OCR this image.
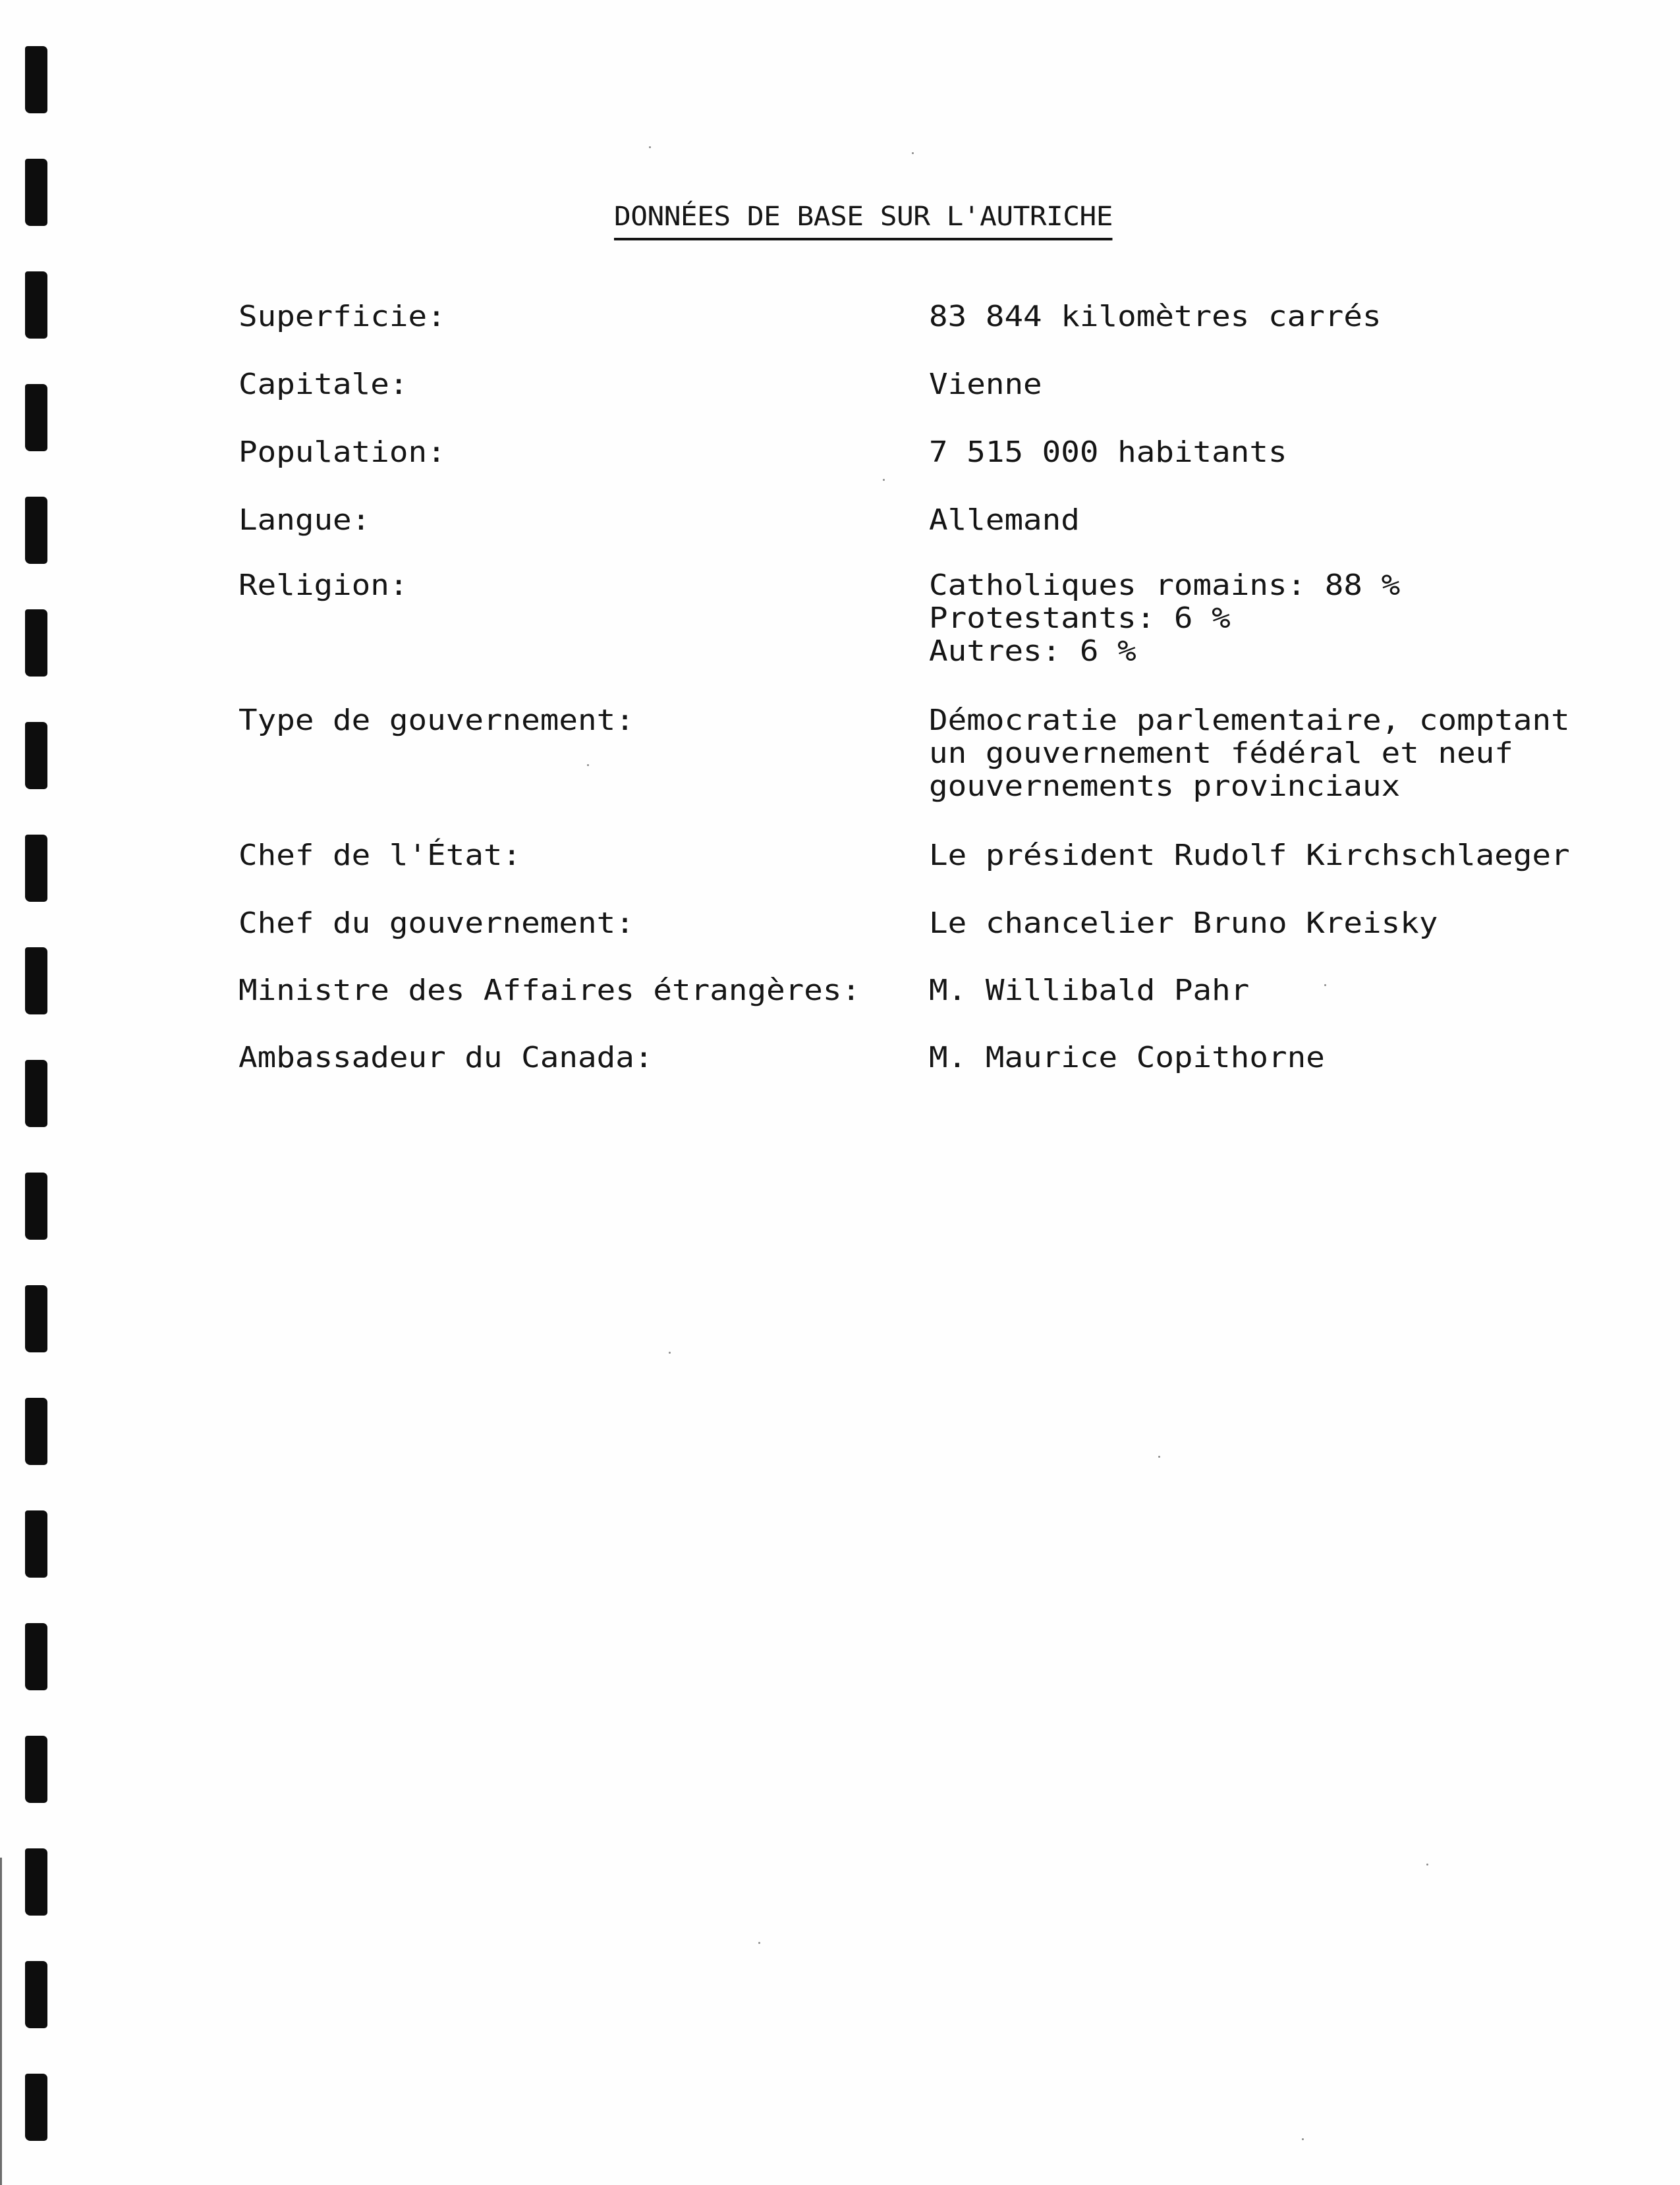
DONNÉES DE BASE SUR L'AUTRICHE
Superficie:	83 844 kilomètres carrés
Capitale:	Vienne
Population:	7 515 000 habitants
Langue:	Allemand
Religion:	Catholiques romains: 88 %
Protestants: 6 %
Autres: 6 %
Type de gouvernement:	Démocratie parlementaire, comptant
un gouvernement fédéral et neuf
gouvernements provinciaux
Chef de l'État:	Le président Rudolf Kirchschlaeger
Chef du gouvernement:	Le chancelier Bruno Kreisky
Ministre des Affaires étrangères: M. Willibald Pahr
Ambassadeur du Canada:	M. Maurice Copithorne
